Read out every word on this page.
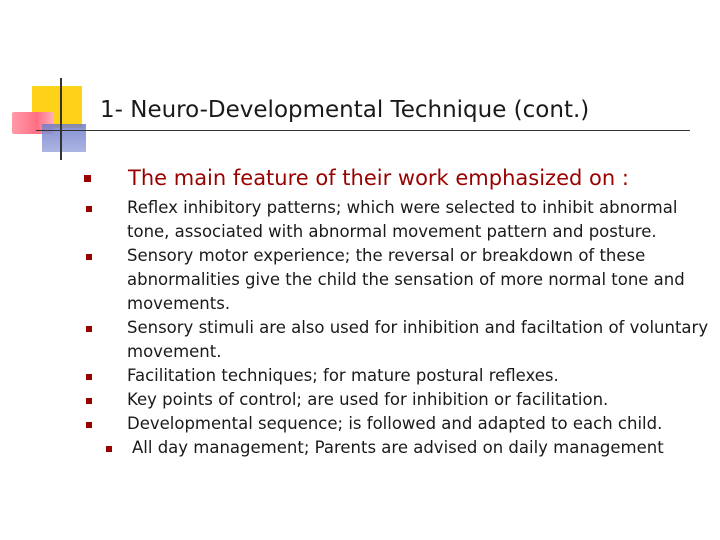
1- Neuro-Developmental Technique (cont.)
The main feature of their work emphasized on :
Reflex inhibitory patterns; which were selected to inhibit abnormal tone, associated with abnormal movement pattern and posture.
Sensory motor experience; the reversal or breakdown of these abnormalities give the child the sensation of more normal tone and movements.
Sensory stimuli are also used for inhibition and faciltation of voluntary movement.
Facilitation techniques; for mature postural reflexes.
Key points of control; are used for inhibition or facilitation.
Developmental sequence; is followed and adapted to each child.
All day management; Parents are advised on daily management
